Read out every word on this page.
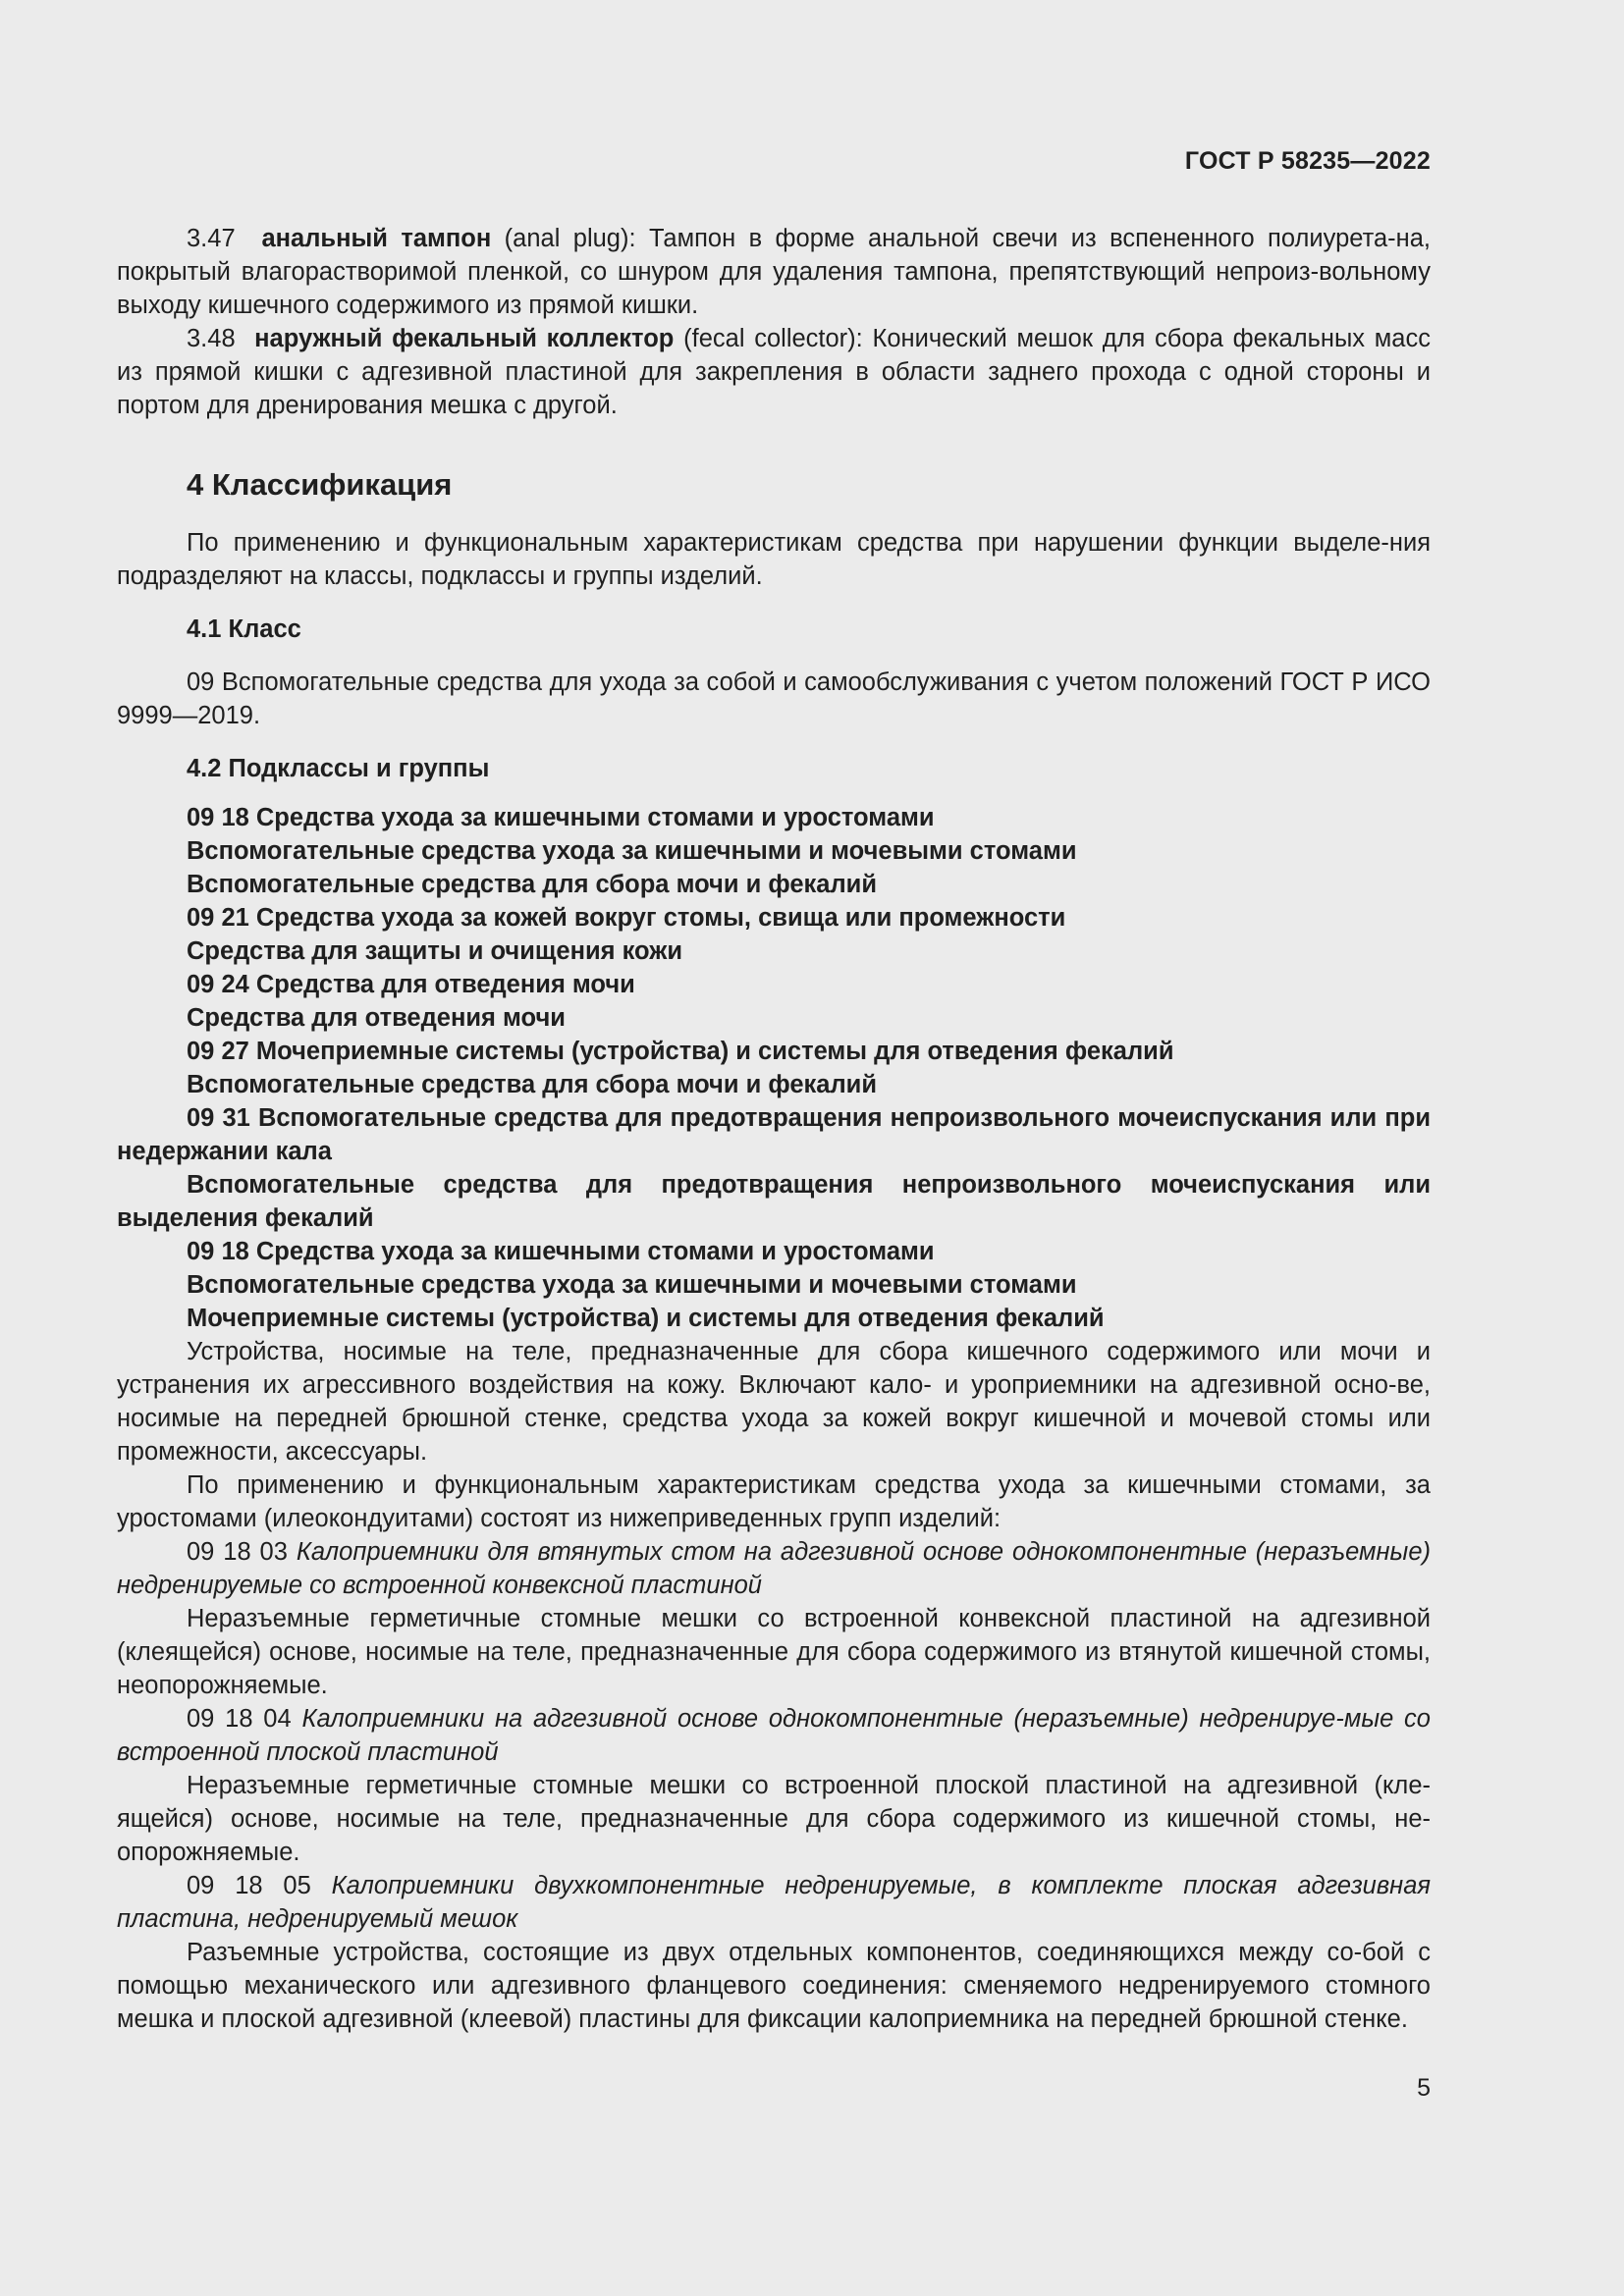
ГОСТ Р 58235—2022

3.47 анальный тампон (anal plug): Тампон в форме анальной свечи из вспененного полиурета-на, покрытый влагорастворимой пленкой, со шнуром для удаления тампона, препятствующий непроиз-вольному выходу кишечного содержимого из прямой кишки.

3.48 наружный фекальный коллектор (fecal collector): Конический мешок для сбора фекальных масс из прямой кишки с адгезивной пластиной для закрепления в области заднего прохода с одной стороны и портом для дренирования мешка с другой.

4 Классификация

По применению и функциональным характеристикам средства при нарушении функции выделе-ния подразделяют на классы, подклассы и группы изделий.

4.1 Класс

09 Вспомогательные средства для ухода за собой и самообслуживания с учетом положений ГОСТ Р ИСО 9999—2019.

4.2 Подклассы и группы

09 18 Средства ухода за кишечными стомами и уростомами

Вспомогательные средства ухода за кишечными и мочевыми стомами

Вспомогательные средства для сбора мочи и фекалий

09 21 Средства ухода за кожей вокруг стомы, свища или промежности

Средства для защиты и очищения кожи

09 24 Средства для отведения мочи

Средства для отведения мочи

09 27 Мочеприемные системы (устройства) и системы для отведения фекалий

Вспомогательные средства для сбора мочи и фекалий

09 31 Вспомогательные средства для предотвращения непроизвольного мочеиспускания или при недержании кала

Вспомогательные средства для предотвращения непроизвольного мочеиспускания или выделения фекалий

09 18 Средства ухода за кишечными стомами и уростомами

Вспомогательные средства ухода за кишечными и мочевыми стомами

Мочеприемные системы (устройства) и системы для отведения фекалий

Устройства, носимые на теле, предназначенные для сбора кишечного содержимого или мочи и устранения их агрессивного воздействия на кожу. Включают кало- и уроприемники на адгезивной осно-ве, носимые на передней брюшной стенке, средства ухода за кожей вокруг кишечной и мочевой стомы или промежности, аксессуары.

По применению и функциональным характеристикам средства ухода за кишечными стомами, за уростомами (илеокондуитами) состоят из нижеприведенных групп изделий:

09 18 03 Калоприемники для втянутых стом на адгезивной основе однокомпонентные (неразъемные) недренируемые со встроенной конвексной пластиной

Неразъемные герметичные стомные мешки со встроенной конвексной пластиной на адгезивной (клеящейся) основе, носимые на теле, предназначенные для сбора содержимого из втянутой кишечной стомы, неопорожняемые.

09 18 04 Калоприемники на адгезивной основе однокомпонентные (неразъемные) недренируе-мые со встроенной плоской пластиной

Неразъемные герметичные стомные мешки со встроенной плоской пластиной на адгезивной (кле-ящейся) основе, носимые на теле, предназначенные для сбора содержимого из кишечной стомы, не-опорожняемые.

09 18 05 Калоприемники двухкомпонентные недренируемые, в комплекте плоская адгезивная пластина, недренируемый мешок

Разъемные устройства, состоящие из двух отдельных компонентов, соединяющихся между со-бой с помощью механического или адгезивного фланцевого соединения: сменяемого недренируемого стомного мешка и плоской адгезивной (клеевой) пластины для фиксации калоприемника на передней брюшной стенке.

5
